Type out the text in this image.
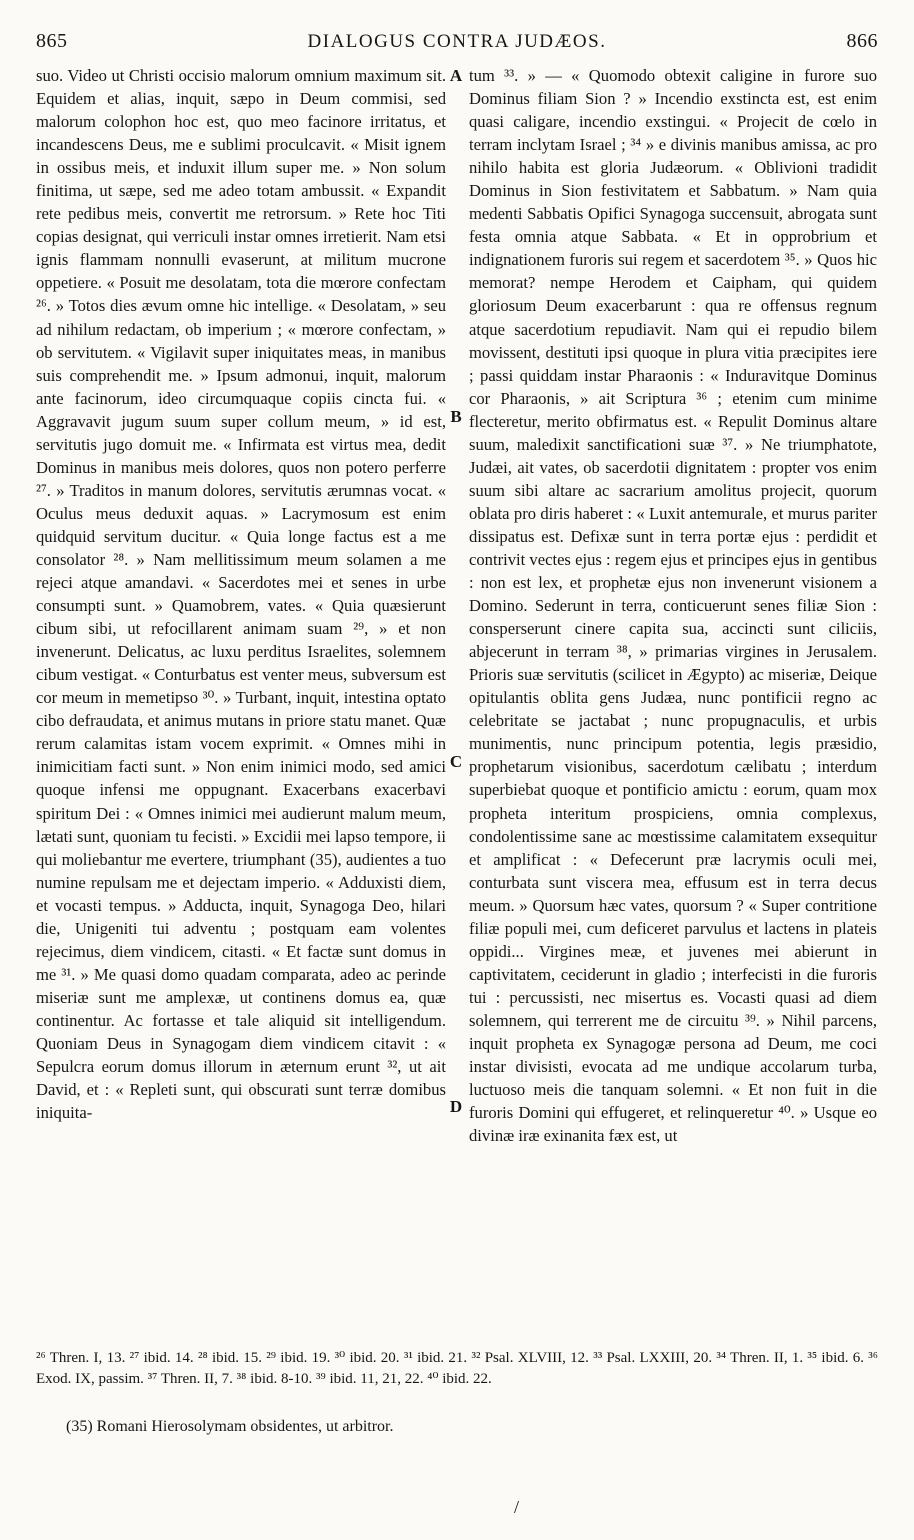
865	DIALOGUS CONTRA JUDÆOS.	866

suo. Video ut Christi occisio malorum omnium maximum sit. Equidem et alias, inquit, sæpo in Deum commisi, sed malorum colophon hoc est, quo meo facinore irritatus, et incandescens Deus, me e sublimi proculcavit. « Misit ignem in ossibus meis, et induxit illum super me. » Non solum finitima, ut sæpe, sed me adeo totam ambussit. « Expandit rete pedibus meis, convertit me retrorsum. » Rete hoc Titi copias designat, qui verriculi instar omnes irretierit. Nam etsi ignis flammam nonnulli evaserunt, at militum mucrone oppetiere. « Posuit me desolatam, tota die mœrore confectam ²⁶. » Totos dies ævum omne hic intellige. « Desolatam, » seu ad nihilum redactam, ob imperium ; « mœrore confectam, » ob servitutem. « Vigilavit super iniquitates meas, in manibus suis comprehendit me. » Ipsum admonui, inquit, malorum ante facinorum, ideo circumquaque copiis cincta fui. « Aggravavit jugum suum super collum meum, » id est, servitutis jugo domuit me. « Infirmata est virtus mea, dedit Dominus in manibus meis dolores, quos non potero perferre ²⁷. » Traditos in manum dolores, servitutis ærumnas vocat. « Oculus meus deduxit aquas. » Lacrymosum est enim quidquid servitum ducitur. « Quia longe factus est a me consolator ²⁸. » Nam mellitissimum meum solamen a me rejeci atque amandavi. « Sacerdotes mei et senes in urbe consumpti sunt. » Quamobrem, vates. « Quia quæsierunt cibum sibi, ut refocillarent animam suam ²⁹, » et non invenerunt. Delicatus, ac luxu perditus Israelites, solemnem cibum vestigat. « Conturbatus est venter meus, subversum est cor meum in memetipso ³⁰. » Turbant, inquit, intestina optato cibo defraudata, et animus mutans in priore statu manet. Quæ rerum calamitas istam vocem exprimit. « Omnes mihi in inimicitiam facti sunt. » Non enim inimici modo, sed amici quoque infensi me oppugnant. Exacerbans exacerbavi spiritum Dei : « Omnes inimici mei audierunt malum meum, lætati sunt, quoniam tu fecisti. » Excidii mei lapso tempore, ii qui moliebantur me evertere, triumphant (35), audientes a tuo numine repulsam me et dejectam imperio. « Adduxisti diem, et vocasti tempus. » Adducta, inquit, Synagoga Deo, hilari die, Unigeniti tui adventu ; postquam eam volentes rejecimus, diem vindicem, citasti. « Et factæ sunt domus in me ³¹. » Me quasi domo quadam comparata, adeo ac perinde miseriæ sunt me amplexæ, ut continens domus ea, quæ continentur. Ac fortasse et tale aliquid sit intelligendum. Quoniam Deus in Synagogam diem vindicem citavit : « Sepulcra eorum domus illorum in æternum erunt ³², ut ait David, et : « Repleti sunt, qui obscurati sunt terræ domibus iniquita-

tum ³³. » — « Quomodo obtexit caligine in furore suo Dominus filiam Sion ? » Incendio exstincta est, est enim quasi caligare, incendio exstingui. « Projecit de cœlo in terram inclytam Israel ; ³⁴ » e divinis manibus amissa, ac pro nihilo habita est gloria Judæorum. « Oblivioni tradidit Dominus in Sion festivitatem et Sabbatum. » Nam quia medenti Sabbatis Opifici Synagoga succensuit, abrogata sunt festa omnia atque Sabbata. « Et in opprobrium et indignationem furoris sui regem et sacerdotem ³⁵. » Quos hic memorat? nempe Herodem et Caipham, qui quidem gloriosum Deum exacerbarunt : qua re offensus regnum atque sacerdotium repudiavit. Nam qui ei repudio bilem movissent, destituti ipsi quoque in plura vitia præcipites iere ; passi quiddam instar Pharaonis : « Induravitque Dominus cor Pharaonis, » ait Scriptura ³⁶ ; etenim cum minime flecteretur, merito obfirmatus est. « Repulit Dominus altare suum, maledixit sanctificationi suæ ³⁷. » Ne triumphatote, Judæi, ait vates, ob sacerdotii dignitatem : propter vos enim suum sibi altare ac sacrarium amolitus projecit, quorum oblata pro diris haberet : « Luxit antemurale, et murus pariter dissipatus est. Defixæ sunt in terra portæ ejus : perdidit et contrivit vectes ejus : regem ejus et principes ejus in gentibus : non est lex, et prophetæ ejus non invenerunt visionem a Domino. Sederunt in terra, conticuerunt senes filiæ Sion : consperserunt cinere capita sua, accincti sunt ciliciis, abjecerunt in terram ³⁸, » primarias virgines in Jerusalem. Prioris suæ servitutis (scilicet in Ægypto) ac miseriæ, Deique opitulantis oblita gens Judæa, nunc pontificii regno ac celebritate se jactabat ; nunc propugnaculis, et urbis munimentis, nunc principum potentia, legis præsidio, prophetarum visionibus, sacerdotum cælibatu ; interdum superbiebat quoque et pontificio amictu : eorum, quam mox propheta interitum prospiciens, omnia complexus, condolentissime sane ac mœstissime calamitatem exsequitur et amplificat : « Defecerunt præ lacrymis oculi mei, conturbata sunt viscera mea, effusum est in terra decus meum. » Quorsum hæc vates, quorsum ? « Super contritione filiæ populi mei, cum deficeret parvulus et lactens in plateis oppidi... Virgines meæ, et juvenes mei abierunt in captivitatem, ceciderunt in gladio ; interfecisti in die furoris tui : percussisti, nec misertus es. Vocasti quasi ad diem solemnem, qui terrerent me de circuitu ³⁹. » Nihil parcens, inquit propheta ex Synagogæ persona ad Deum, me coci instar divisisti, evocata ad me undique accolarum turba, luctuoso meis die tanquam solemni. « Et non fuit in die furoris Domini qui effugeret, et relinqueretur ⁴⁰. » Usque eo divinæ iræ exinanita fæx est, ut

A
B
C
D
²⁶ Thren. I, 13. ²⁷ ibid. 14. ²⁸ ibid. 15. ²⁹ ibid. 19. ³⁰ ibid. 20. ³¹ ibid. 21. ³² Psal. XLVIII, 12. ³³ Psal. LXXIII, 20. ³⁴ Thren. II, 1. ³⁵ ibid. 6. ³⁶ Exod. IX, passim. ³⁷ Thren. II, 7. ³⁸ ibid. 8-10. ³⁹ ibid. 11, 21, 22. ⁴⁰ ibid. 22.
(35) Romani Hierosolymam obsidentes, ut arbitror.
/
